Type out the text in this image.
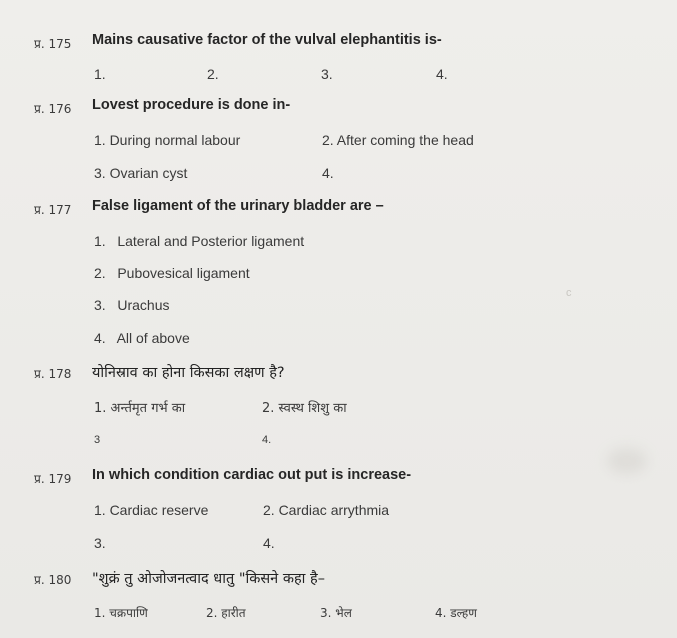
प्र. 175 Mains causative factor of the vulval elephantitis is-
1.	2.	3.	4.
प्र. 176 Lovest procedure is done in-
1. During normal labour	2. After coming the head
3. Ovarian cyst	4.
प्र. 177 False ligament of the urinary bladder are –
1.   Lateral and Posterior ligament
2.   Pubovesical ligament
3.   Urachus
4.   All of above
प्र. 178 योनिस्राव का होना किसका लक्षण है?
1. अर्न्तमृत गर्भ का	2. स्वस्थ शिशु का
3	4.
प्र. 179 In which condition cardiac out put is increase-
1. Cardiac reserve	2. Cardiac arrythmia
3.	4.
प्र. 180 "शुक्रं तु ओजोजनत्वाद धातु "किसने कहा है–
1. चक्रपाणि	2. हारीत	3. भेल	4. डल्हण
c
